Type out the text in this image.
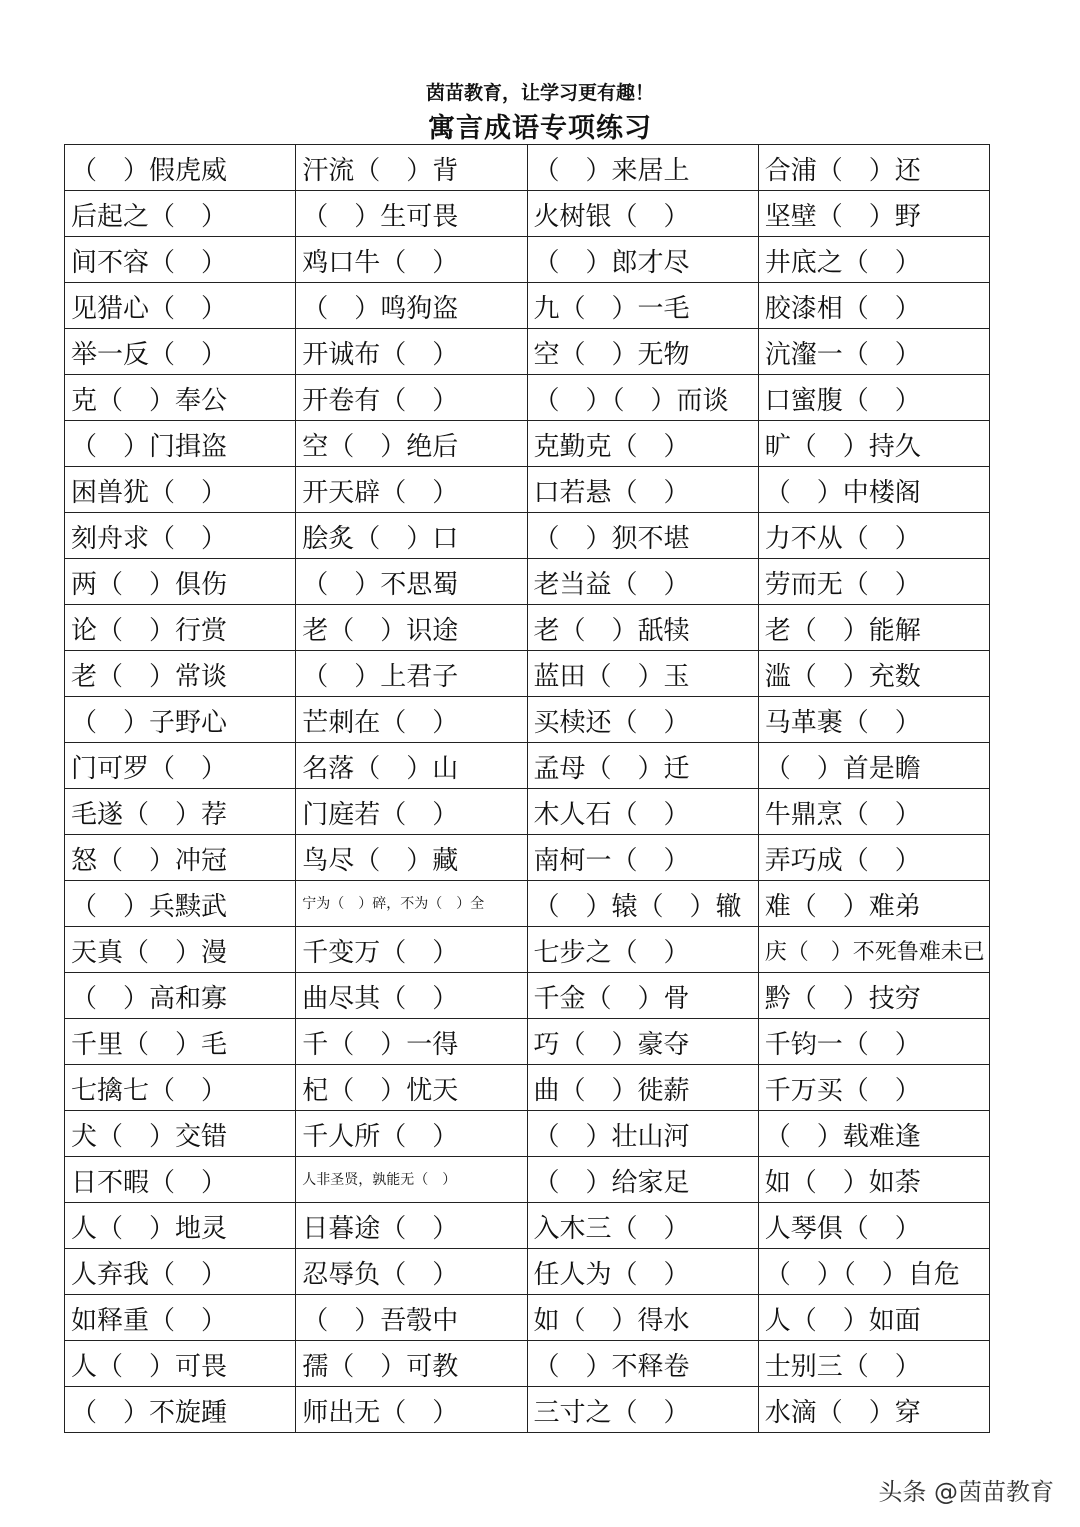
茵苗教育，让学习更有趣！
寓言成语专项练习
（　）假虎威	汗流（　）背	（　）来居上	合浦（　）还
后起之（　）	（　）生可畏	火树银（　）	坚壁（　）野
间不容（　）	鸡口牛（　）	（　）郎才尽	井底之（　）
见猎心（　）	（　）鸣狗盗	九（　）一毛	胶漆相（　）
举一反（　）	开诚布（　）	空（　）无物	沆瀣一（　）
克（　）奉公	开卷有（　）	（　）（　）而谈	口蜜腹（　）
（　）门揖盗	空（　）绝后	克勤克（　）	旷（　）持久
困兽犹（　）	开天辟（　）	口若悬（　）	（　）中楼阁
刻舟求（　）	脍炙（　）口	（　）狈不堪	力不从（　）
两（　）俱伤	（　）不思蜀	老当益（　）	劳而无（　）
论（　）行赏	老（　）识途	老（　）舐犊	老（　）能解
老（　）常谈	（　）上君子	蓝田（　）玉	滥（　）充数
（　）子野心	芒刺在（　）	买椟还（　）	马革裹（　）
门可罗（　）	名落（　）山	孟母（　）迁	（　）首是瞻
毛遂（　）荐	门庭若（　）	木人石（　）	牛鼎烹（　）
怒（　）冲冠	鸟尽（　）藏	南柯一（　）	弄巧成（　）
（　）兵黩武	宁为（　）碎，不为（　）全	（　）辕（　）辙	难（　）难弟
天真（　）漫	千变万（　）	七步之（　）	庆（　）不死鲁难未已
（　）高和寡	曲尽其（　）	千金（　）骨	黔（　）技穷
千里（　）毛	千（　）一得	巧（　）豪夺	千钧一（　）
七擒七（　）	杞（　）忧天	曲（　）徙薪	千万买（　）
犬（　）交错	千人所（　）	（　）壮山河	（　）载难逢
日不暇（　）	人非圣贤，孰能无（　）	（　）给家足	如（　）如荼
人（　）地灵	日暮途（　）	入木三（　）	人琴俱（　）
人弃我（　）	忍辱负（　）	任人为（　）	（　）（　）自危
如释重（　）	（　）吾彀中	如（　）得水	人（　）如面
人（　）可畏	孺（　）可教	（　）不释卷	士别三（　）
（　）不旋踵	师出无（　）	三寸之（　）	水滴（　）穿
头条 @茵苗教育
